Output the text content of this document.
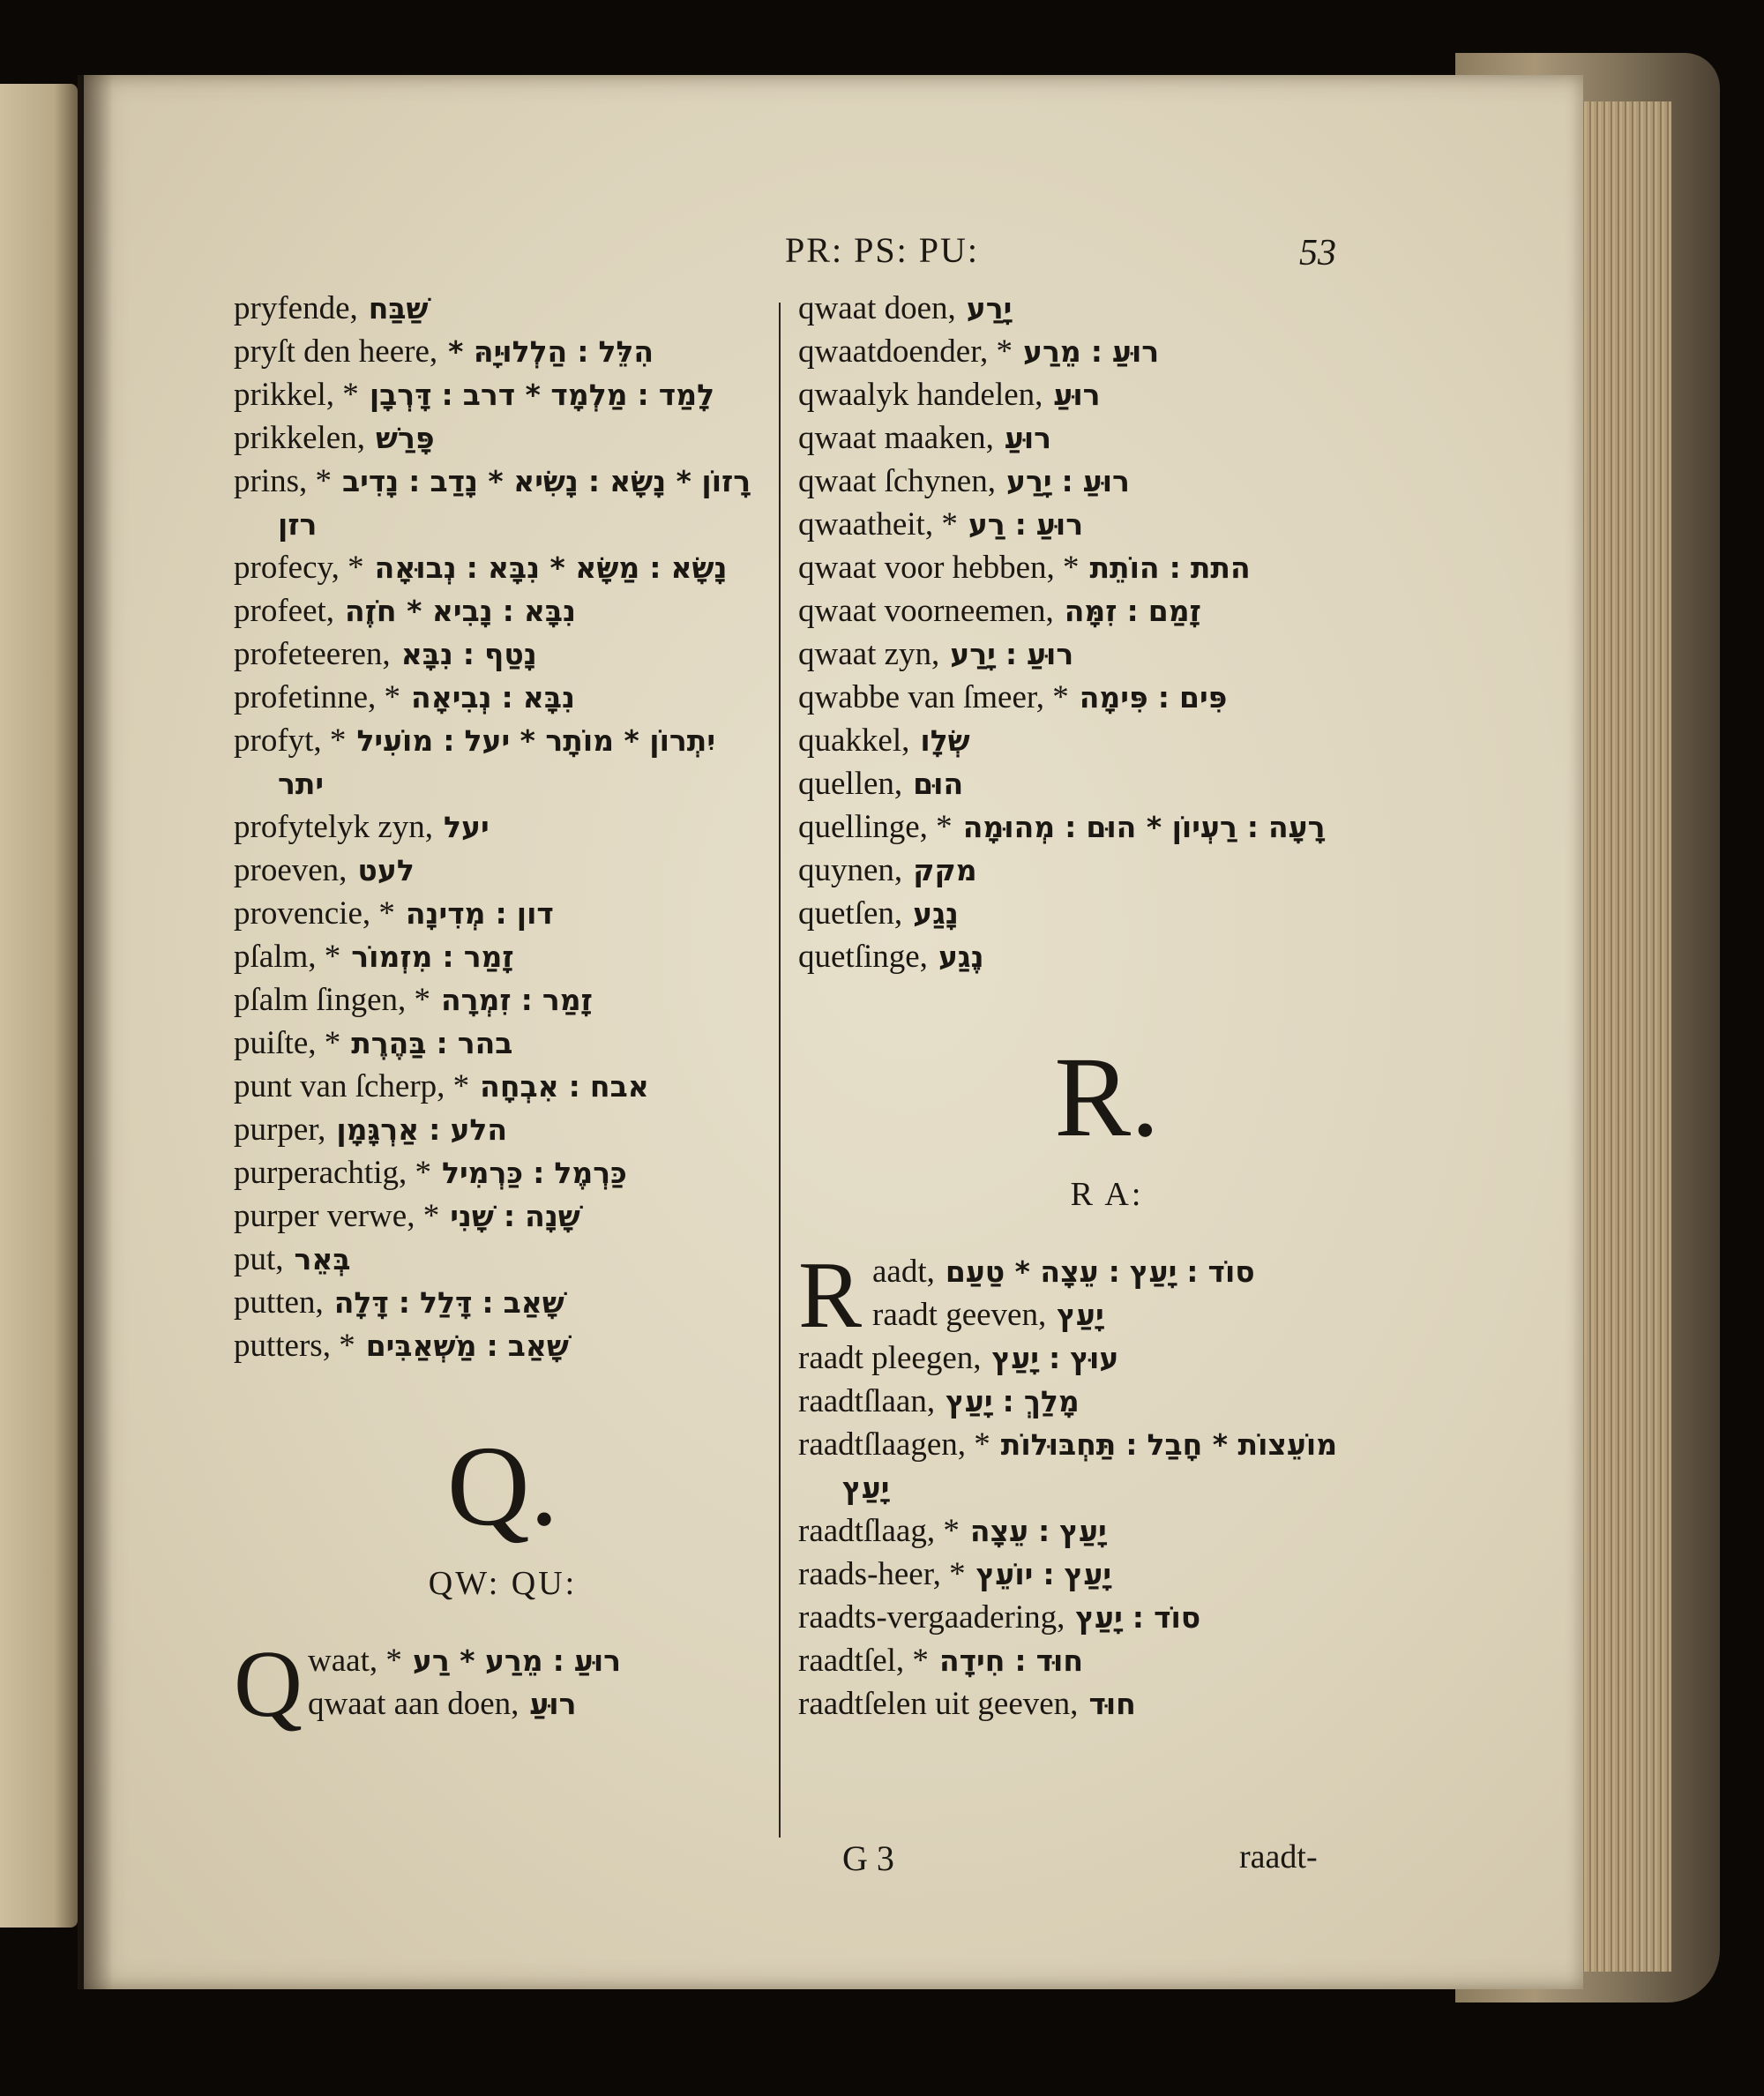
PR: PS: PU:	53
pryfende, שַׁבַּח
pryſt den heere, הִלֵּל ׃ הַלְלוּיָהּ *
prikkel, * לָמַד ׃ מַלְמָד * דרב ׃ דָּרְבָן
prikkelen, פָּרַשׁ
prins, * רָזוֹן * נָשָׂא ׃ נָשִׂיא * נָדַב ׃ נָדִיב
רזן
profecy, * נָשָׂא ׃ מַשָּׂא * נִבָּא ׃ נְבוּאָה
profeet, נִבָּא ׃ נָבִיא * חֹזֶה
profeteeren, נָטַף ׃ נִבָּא
profetinne, * נִבָּא ׃ נְבִיאָה
profyt, * יִתְרוֹן * מוֹתָר * יעל ׃ מוֹעִיל
יתר
profytelyk zyn, יעל
proeven, לעט
provencie, * דון ׃ מְדִינָה
pſalm, * זָמַר ׃ מִזְמוֹר
pſalm ſingen, * זָמַר ׃ זִמְרָה
puiſte, * בהר ׃ בַּהֶרֶת
punt van ſcherp, * אבח ׃ אִבְחָה
purper, הלע ׃ אַרְגָּמָן
purperachtig, * כַּרְמֶל ׃ כַּרְמִיל
purper verwe, * שָׁנָה ׃ שָׁנִי
put, בְּאֵר
putten, שָׁאַב ׃ דָּלַל ׃ דָּלָה
putters, * שָׁאַב ׃ מַשְׁאַבִּים
Q.
QW: QU:
Q waat, * רוּעַ ׃ מֵרַע * רַע
qwaat aan doen, רוּעַ
qwaat doen, יָרַע
qwaatdoender, * רוּעַ ׃ מֵרַע
qwaalyk handelen, רוּעַ
qwaat maaken, רוּעַ
qwaat ſchynen, רוּעַ ׃ יָרַע
qwaatheit, * רוּעַ ׃ רַע
qwaat voor hebben, * התת ׃ הוֹתֵת
qwaat voorneemen, זָמַם ׃ זִמָּה
qwaat zyn, רוּעַ ׃ יָרַע
qwabbe van ſmeer, * פִּים ׃ פִּימָה
quakkel, שְׂלָו
quellen, הוּם
quellinge, * רָעָה ׃ רַעְיוֹן * הוּם ׃ מְהוּמָה
quynen, מקק
quetſen, נָגַע
quetſinge, נֶגַע
R.
R A:
R aadt, סוֹד ׃ יָעַץ ׃ עֵצָה * טַעַם
raadt geeven, יָעַץ
raadt pleegen, עוּץ ׃ יָעַץ
raadtſlaan, מָלַךְ ׃ יָעַץ
raadtſlaagen, * מוֹעֵצוֹת * חָבַל ׃ תַּחְבּוּלוֹת
יָעַץ
raadtſlaag, * יָעַץ ׃ עֵצָה
raads-heer, * יָעַץ ׃ יוֹעֵץ
raadts-vergaadering, סוֹד ׃ יָעַץ
raadtſel, * חוּד ׃ חִידָה
raadtſelen uit geeven, חוּד
G 3	raadt-
